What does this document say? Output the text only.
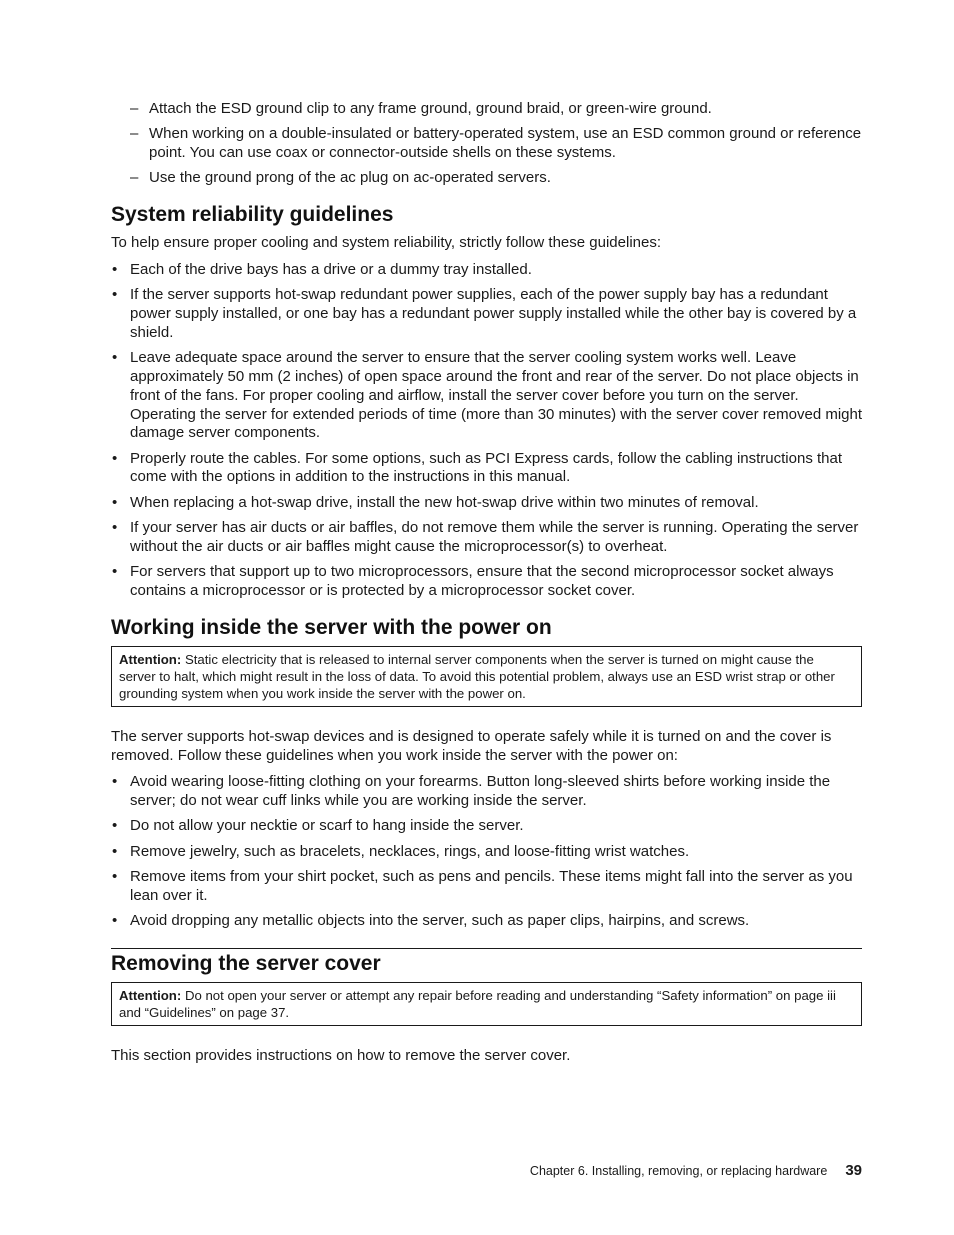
– Attach the ESD ground clip to any frame ground, ground braid, or green-wire ground.
– When working on a double-insulated or battery-operated system, use an ESD common ground or reference point. You can use coax or connector-outside shells on these systems.
– Use the ground prong of the ac plug on ac-operated servers.
System reliability guidelines

To help ensure proper cooling and system reliability, strictly follow these guidelines:

• Each of the drive bays has a drive or a dummy tray installed.
• If the server supports hot-swap redundant power supplies, each of the power supply bay has a redundant power supply installed, or one bay has a redundant power supply installed while the other bay is covered by a shield.
• Leave adequate space around the server to ensure that the server cooling system works well. Leave approximately 50 mm (2 inches) of open space around the front and rear of the server. Do not place objects in front of the fans. For proper cooling and airflow, install the server cover before you turn on the server. Operating the server for extended periods of time (more than 30 minutes) with the server cover removed might damage server components.
• Properly route the cables. For some options, such as PCI Express cards, follow the cabling instructions that come with the options in addition to the instructions in this manual.
• When replacing a hot-swap drive, install the new hot-swap drive within two minutes of removal.
• If your server has air ducts or air baffles, do not remove them while the server is running. Operating the server without the air ducts or air baffles might cause the microprocessor(s) to overheat.
• For servers that support up to two microprocessors, ensure that the second microprocessor socket always contains a microprocessor or is protected by a microprocessor socket cover.
Working inside the server with the power on
Attention: Static electricity that is released to internal server components when the server is turned on might cause the server to halt, which might result in the loss of data. To avoid this potential problem, always use an ESD wrist strap or other grounding system when you work inside the server with the power on.

The server supports hot-swap devices and is designed to operate safely while it is turned on and the cover is removed. Follow these guidelines when you work inside the server with the power on:

• Avoid wearing loose-fitting clothing on your forearms. Button long-sleeved shirts before working inside the server; do not wear cuff links while you are working inside the server.
• Do not allow your necktie or scarf to hang inside the server.
• Remove jewelry, such as bracelets, necklaces, rings, and loose-fitting wrist watches.
• Remove items from your shirt pocket, such as pens and pencils. These items might fall into the server as you lean over it.
• Avoid dropping any metallic objects into the server, such as paper clips, hairpins, and screws.
Removing the server cover
Attention: Do not open your server or attempt any repair before reading and understanding “Safety information” on page iii and “Guidelines” on page 37.

This section provides instructions on how to remove the server cover.

Chapter 6. Installing, removing, or replacing hardware 39
